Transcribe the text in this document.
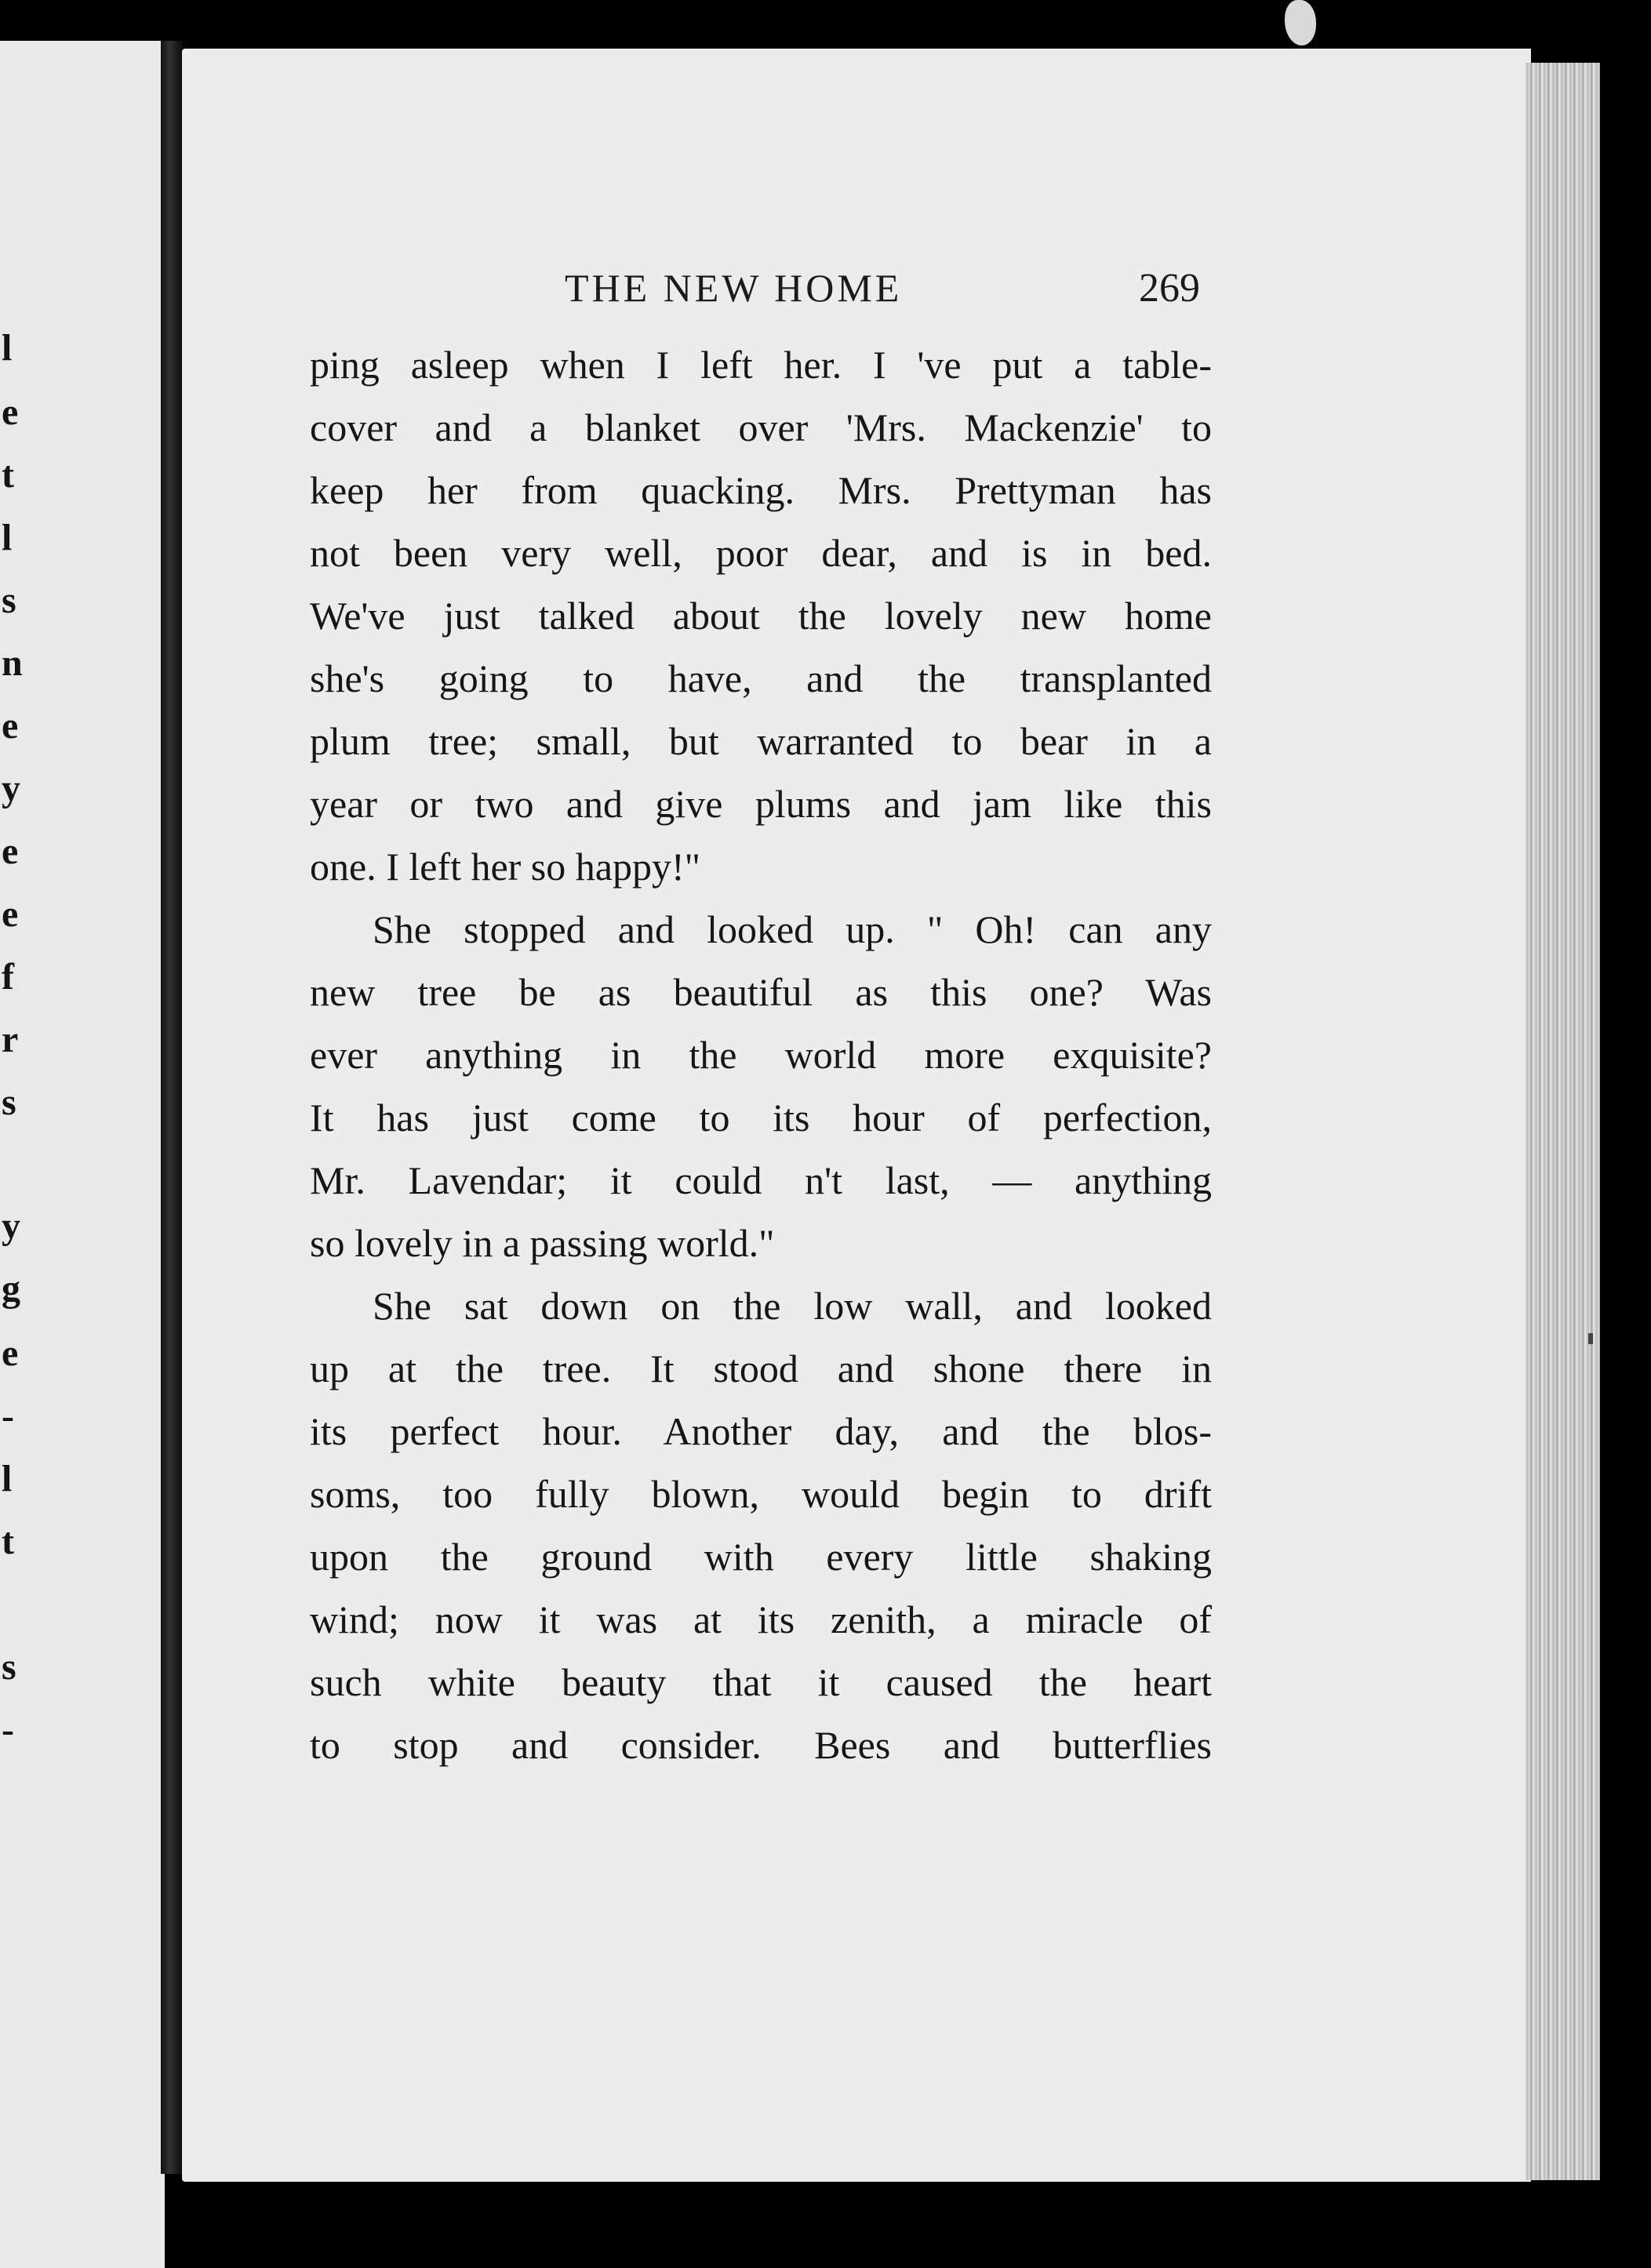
l
e
t
l
s
n
e
y
e
e
f
r
s
y
g
e
-
l
t
s
-
THE NEW HOME	269
ping asleep when I left her. I 've put a table-
cover and a blanket over 'Mrs. Mackenzie' to
keep her from quacking. Mrs. Prettyman has
not been very well, poor dear, and is in bed.
We've just talked about the lovely new home
she's going to have, and the transplanted
plum tree; small, but warranted to bear in a
year or two and give plums and jam like this
one. I left her so happy!"
She stopped and looked up. " Oh! can any
new tree be as beautiful as this one? Was
ever anything in the world more exquisite?
It has just come to its hour of perfection,
Mr. Lavendar; it could n't last, — anything
so lovely in a passing world."
She sat down on the low wall, and looked
up at the tree. It stood and shone there in
its perfect hour. Another day, and the blos-
soms, too fully blown, would begin to drift
upon the ground with every little shaking
wind; now it was at its zenith, a miracle of
such white beauty that it caused the heart
to stop and consider. Bees and butterflies
